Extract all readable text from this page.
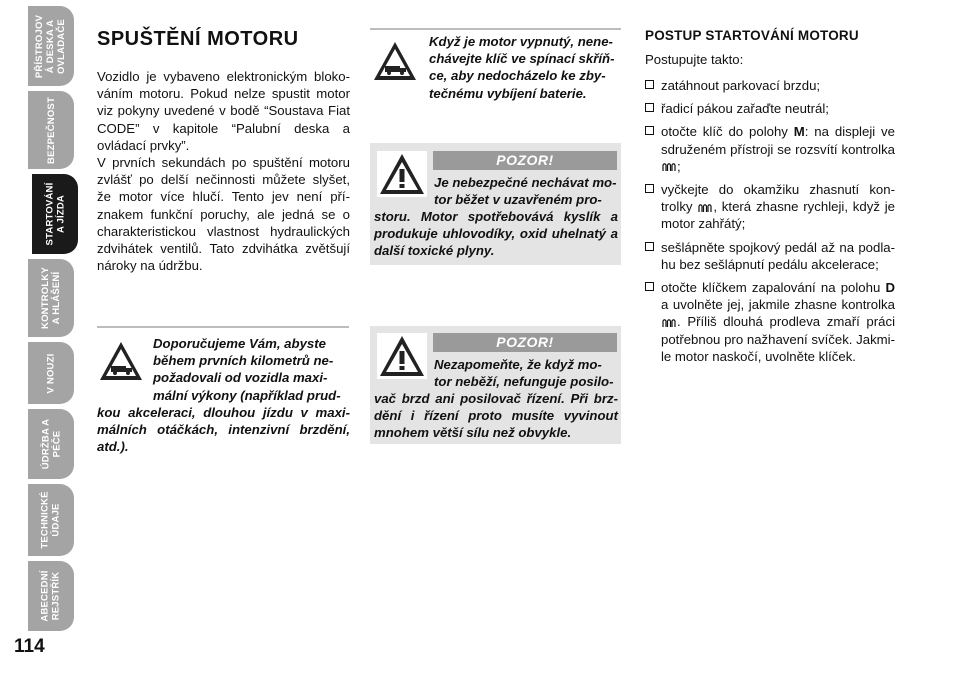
PŘÍSTROJOV Á DESKA A OVLADAČE
BEZPEČNOST
STARTOVÁNÍ A JÍZDA
KONTROLKY A HLÁŠENÍ
V NOUZI
ÚDRŽBA A PÉČE
TECHNICKÉ ÚDAJE
ABECEDNÍ REJSTŘÍK
114
SPUŠTĚNÍ MOTORU

Vozidlo je vybaveno elektronickým blokováním motoru. Pokud nelze spustit motor viz pokyny uvedené v bodě “Soustava Fiat CODE” v kapitole “Palubní deska a ovládací prvky”.

V prvních sekundách po spuštění motoru zvlášť po delší nečinnosti můžete slyšet, že motor více hlučí. Tento jev není příznakem funkční poruchy, ale jedná se o charakteristickou vlastnost hydraulických zdvihátek ventilů. Tato zdvihátka zvětšují nároky na údržbu.

Doporučujeme Vám, abyste
během prvních kilometrů ne-
požadovali od vozidla maxi-
mální výkony (například prud-

kou akceleraci, dlouhou jízdu v maximálních otáčkách, intenzivní brzdění, atd.).

Když je motor vypnutý, nene-
chávejte klíč ve spínací skříň-
ce, aby nedocházelo ke zby-
tečnému vybíjení baterie.
POZOR!
Je nebezpečné nechávat mo-
tor běžet v uzavřeném pro-

storu. Motor spotřebovává kyslík a produkuje uhlovodíky, oxid uhelnatý a další toxické plyny.

POZOR!
Nezapomeňte, že když mo-
tor neběží, nefunguje posilo-

vač brzd ani posilovač řízení. Při brzdění i řízení proto musíte vyvinout mnohem větší sílu než obvykle.

POSTUP STARTOVÁNÍ MOTORU

Postupujte takto:

zatáhnout parkovací brzdu;
řadicí pákou zařaďte neutrál;
otočte klíč do polohy M: na displeji ve sdruženém přístroji se rozsvítí kontrolka ;
vyčkejte do okamžiku zhasnutí kontrolky , která zhasne rychleji, když je motor zahřátý;
sešlápněte spojkový pedál až na podlahu bez sešlápnutí pedálu akcelerace;
otočte klíčkem zapalování na polohu D a uvolněte jej, jakmile zhasne kontrolka . Příliš dlouhá prodleva zmaří práci potřebnou pro nažhavení svíček. Jakmile motor naskočí, uvolněte klíček.
